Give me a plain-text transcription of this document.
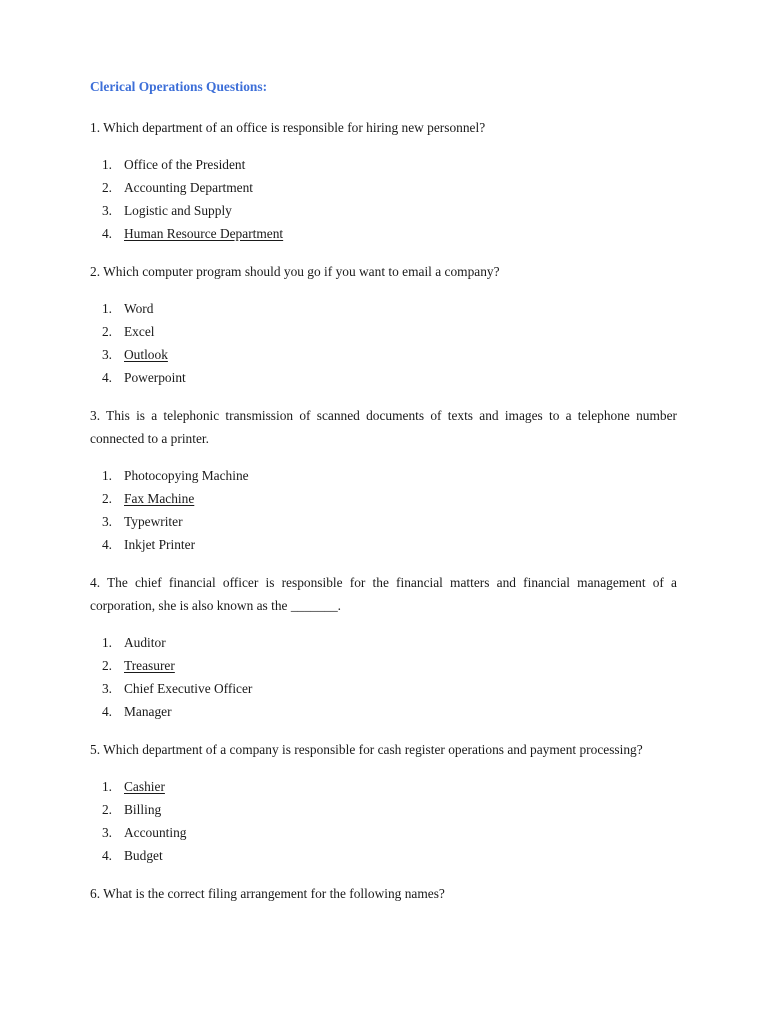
Clerical Operations Questions:
1. Which department of an office is responsible for hiring new personnel?
1. Office of the President
2. Accounting Department
3. Logistic and Supply
4. Human Resource Department
2. Which computer program should you go if you want to email a company?
1. Word
2. Excel
3. Outlook
4. Powerpoint
3. This is a telephonic transmission of scanned documents of texts and images to a telephone number connected to a printer.
1. Photocopying Machine
2. Fax Machine
3. Typewriter
4. Inkjet Printer
4. The chief financial officer is responsible for the financial matters and financial management of a corporation, she is also known as the _______.
1. Auditor
2. Treasurer
3. Chief Executive Officer
4. Manager
5. Which department of a company is responsible for cash register operations and payment processing?
1. Cashier
2. Billing
3. Accounting
4. Budget
6. What is the correct filing arrangement for the following names?
